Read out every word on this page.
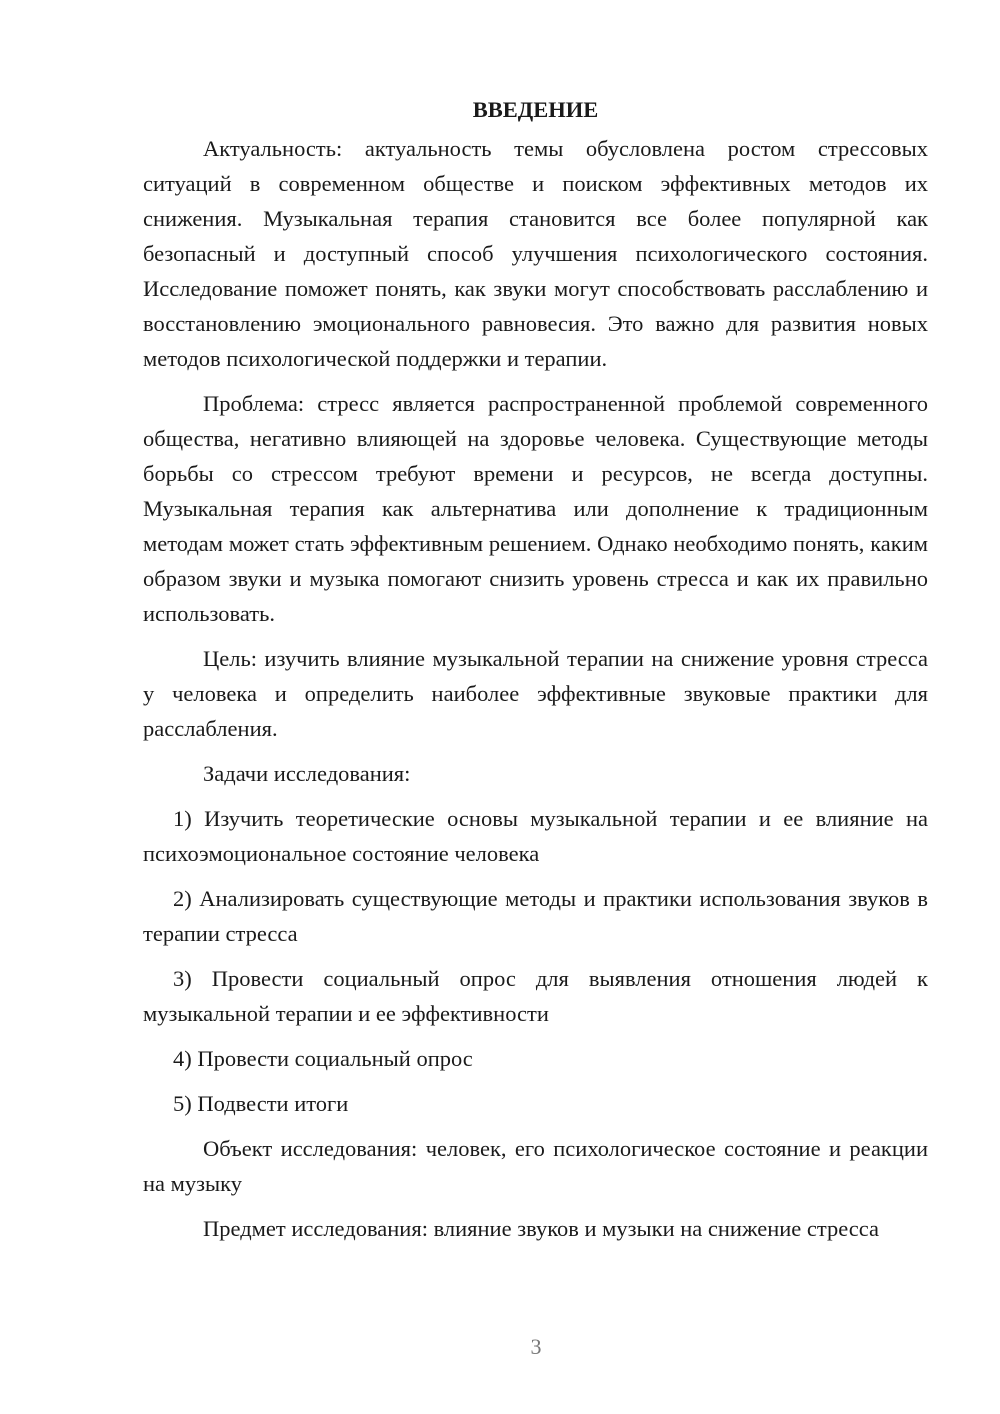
ВВЕДЕНИЕ

Актуальность: актуальность темы обусловлена ростом стрессовых ситуаций в современном обществе и поиском эффективных методов их снижения. Музыкальная терапия становится все более популярной как безопасный и доступный способ улучшения психологического состояния. Исследование поможет понять, как звуки могут способствовать расслаблению и восстановлению эмоционального равновесия. Это важно для развития новых методов психологической поддержки и терапии.

Проблема: стресс является распространенной проблемой современного общества, негативно влияющей на здоровье человека. Существующие методы борьбы со стрессом требуют времени и ресурсов, не всегда доступны. Музыкальная терапия как альтернатива или дополнение к традиционным методам может стать эффективным решением. Однако необходимо понять, каким образом звуки и музыка помогают снизить уровень стресса и как их правильно использовать.

Цель: изучить влияние музыкальной терапии на снижение уровня стресса у человека и определить наиболее эффективные звуковые практики для расслабления.

Задачи исследования:

1) Изучить теоретические основы музыкальной терапии и ее влияние на психоэмоциональное состояние человека

2) Анализировать существующие методы и практики использования звуков в терапии стресса

3) Провести социальный опрос для выявления отношения людей к музыкальной терапии и ее эффективности

4) Провести социальный опрос

5) Подвести итоги

Объект исследования: человек, его психологическое состояние и реакции на музыку

Предмет исследования: влияние звуков и музыки на снижение стресса

3
